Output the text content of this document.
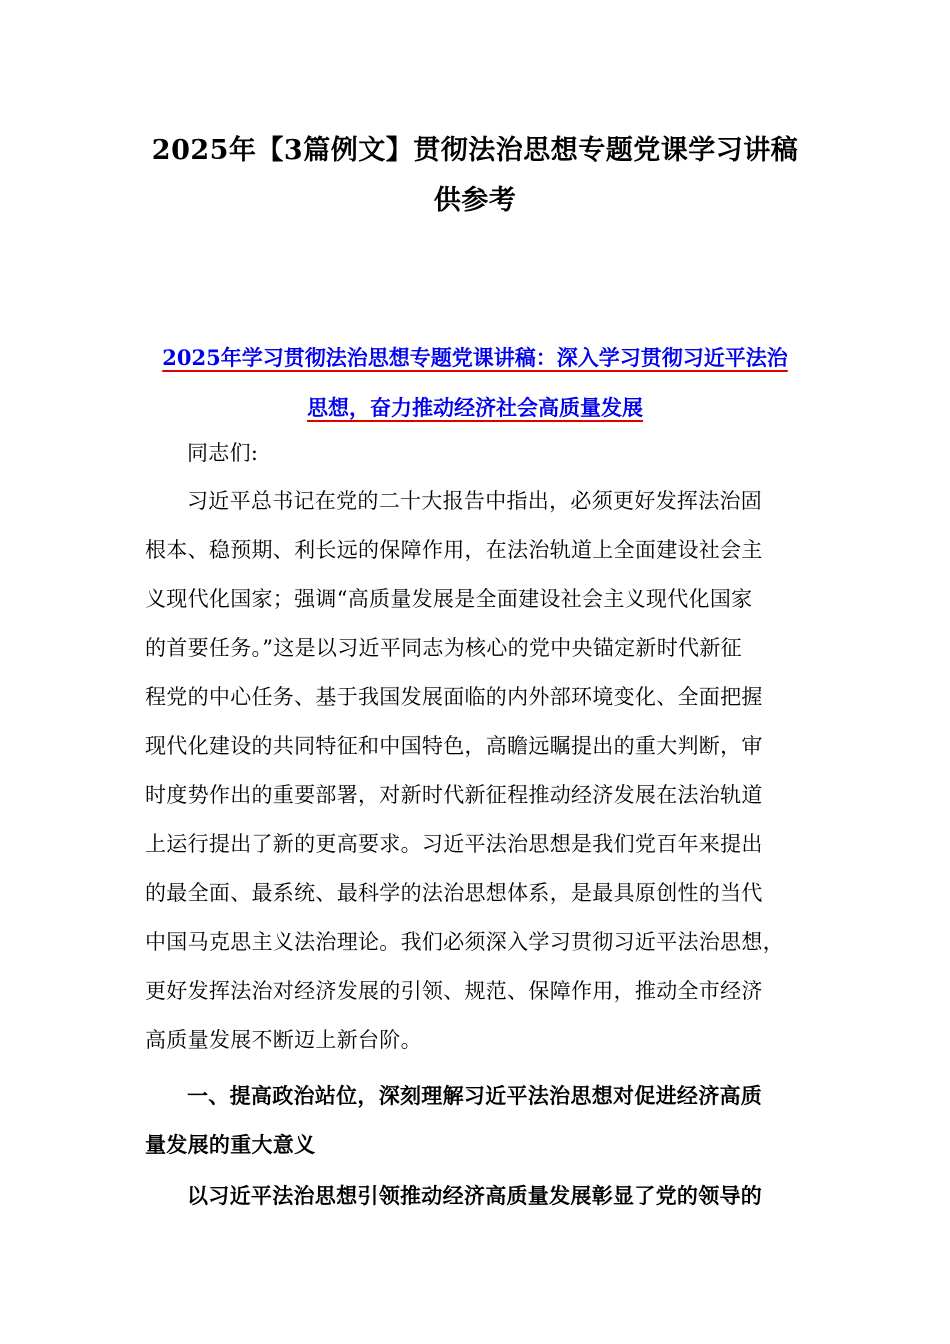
2025年【3篇例文】贯彻法治思想专题党课学习讲稿
供参考
2025年学习贯彻法治思想专题党课讲稿：深入学习贯彻习近平法治
思想，奋力推动经济社会高质量发展
同志们:
习近平总书记在党的二十大报告中指出，必须更好发挥法治固
根本、稳预期、利长远的保障作用，在法治轨道上全面建设社会主
义现代化国家；强调“高质量发展是全面建设社会主义现代化国家
的首要任务。”这是以习近平同志为核心的党中央锚定新时代新征
程党的中心任务、基于我国发展面临的内外部环境变化、全面把握
现代化建设的共同特征和中国特色，高瞻远瞩提出的重大判断，审
时度势作出的重要部署，对新时代新征程推动经济发展在法治轨道
上运行提出了新的更高要求。习近平法治思想是我们党百年来提出
的最全面、最系统、最科学的法治思想体系，是最具原创性的当代
中国马克思主义法治理论。我们必须深入学习贯彻习近平法治思想，
更好发挥法治对经济发展的引领、规范、保障作用，推动全市经济
高质量发展不断迈上新台阶。
一、提高政治站位，深刻理解习近平法治思想对促进经济高质
量发展的重大意义
以习近平法治思想引领推动经济高质量发展彰显了党的领导的
